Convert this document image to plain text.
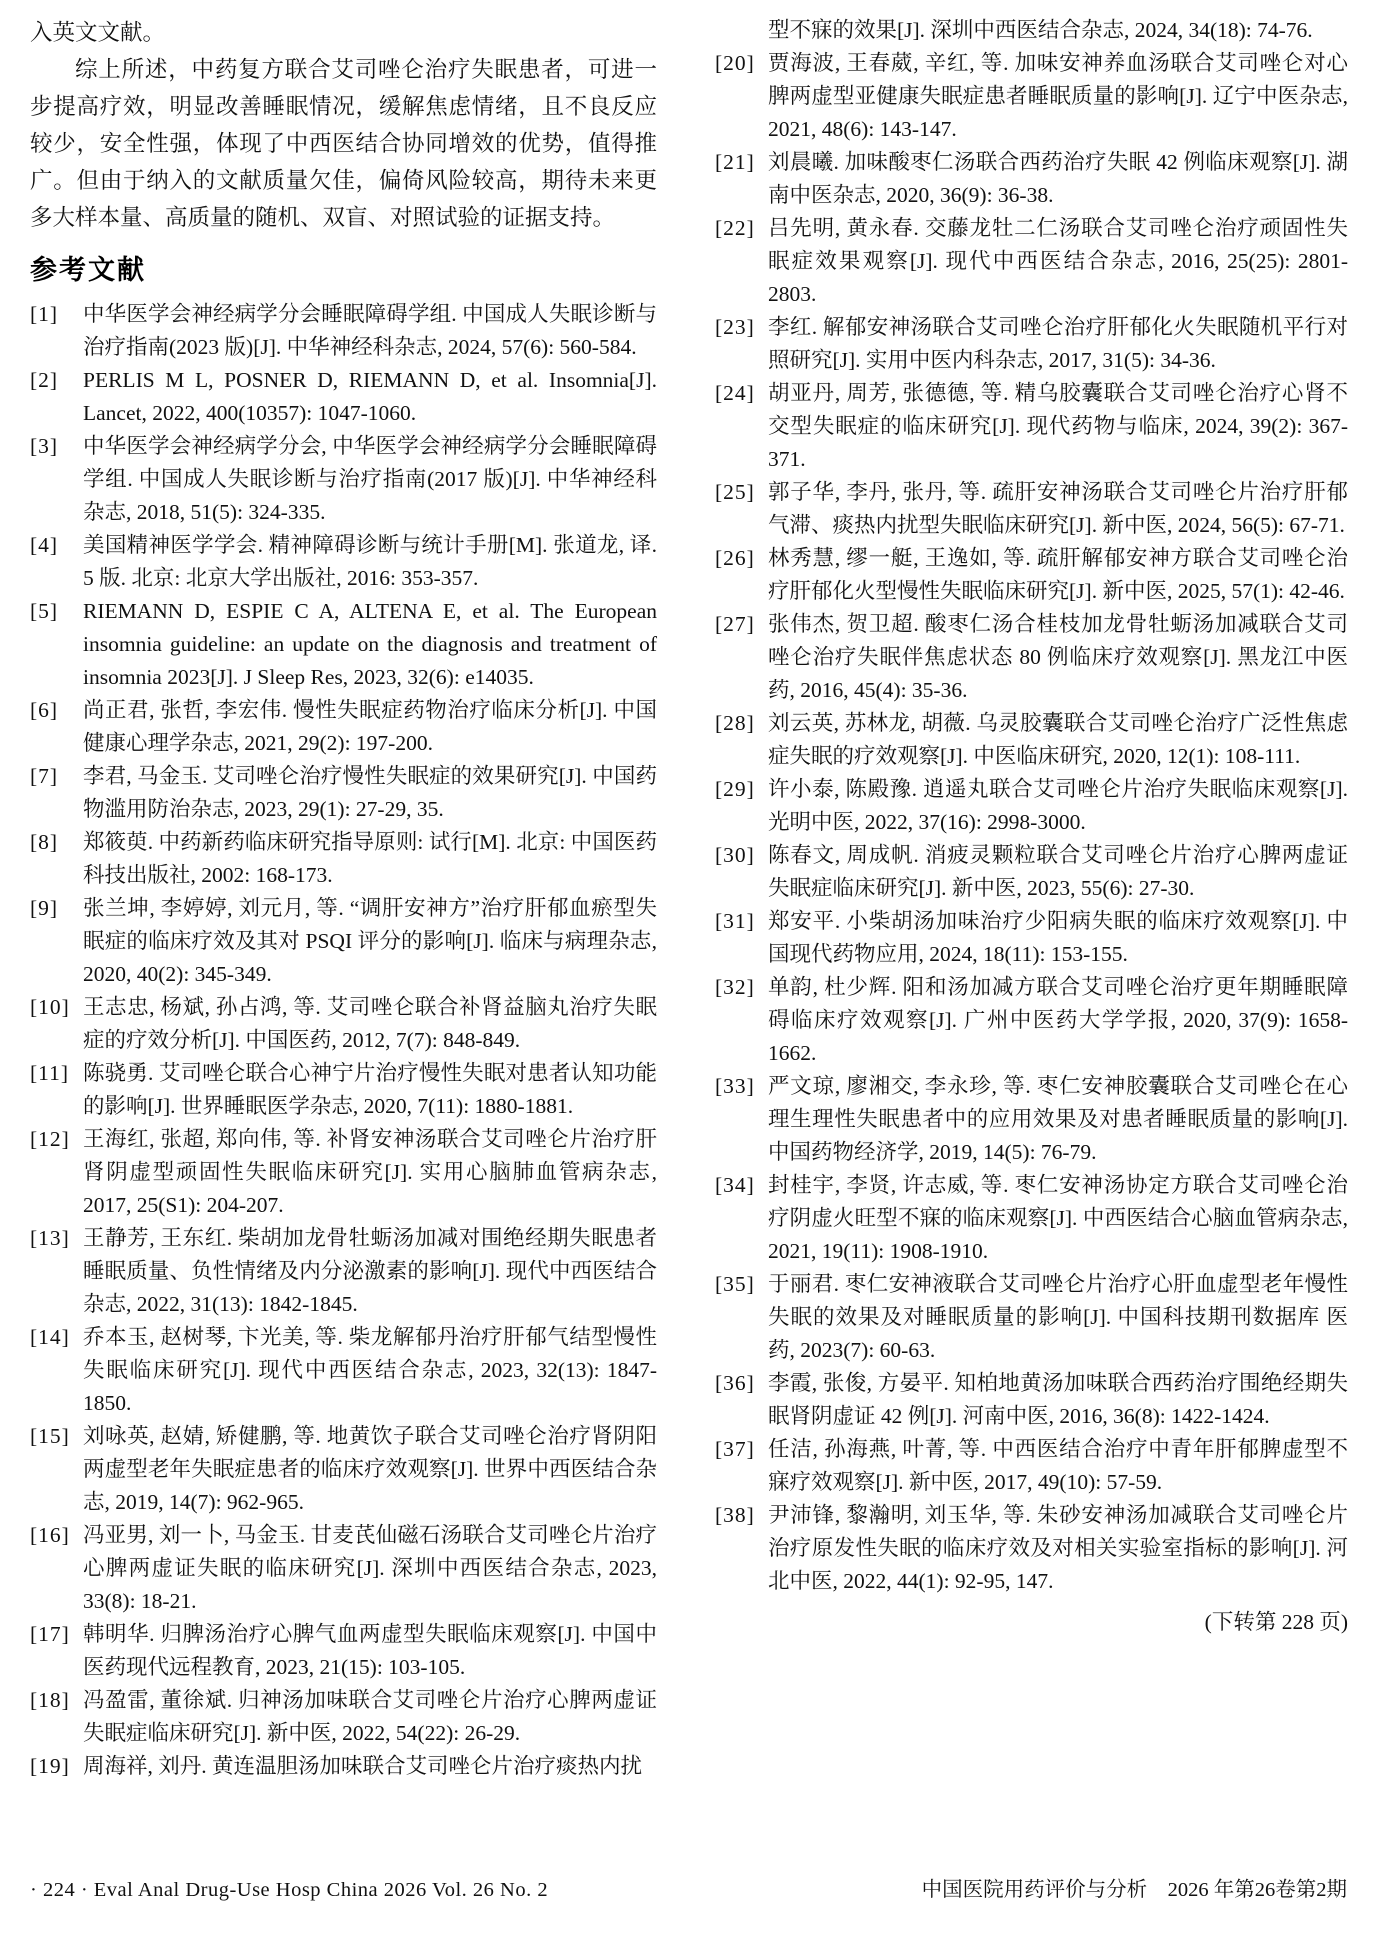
入英文文献。

综上所述，中药复方联合艾司唑仑治疗失眠患者，可进一步提高疗效，明显改善睡眠情况，缓解焦虑情绪，且不良反应较少，安全性强，体现了中西医结合协同增效的优势，值得推广。但由于纳入的文献质量欠佳，偏倚风险较高，期待未来更多大样本量、高质量的随机、双盲、对照试验的证据支持。

参考文献
[1] 中华医学会神经病学分会睡眠障碍学组. 中国成人失眠诊断与治疗指南(2023 版)[J]. 中华神经科杂志, 2024, 57(6): 560-584.
[2] PERLIS M L, POSNER D, RIEMANN D, et al. Insomnia[J]. Lancet, 2022, 400(10357): 1047-1060.
[3] 中华医学会神经病学分会, 中华医学会神经病学分会睡眠障碍学组. 中国成人失眠诊断与治疗指南(2017 版)[J]. 中华神经科杂志, 2018, 51(5): 324-335.
[4] 美国精神医学学会. 精神障碍诊断与统计手册[M]. 张道龙, 译. 5 版. 北京: 北京大学出版社, 2016: 353-357.
[5] RIEMANN D, ESPIE C A, ALTENA E, et al. The European insomnia guideline: an update on the diagnosis and treatment of insomnia 2023[J]. J Sleep Res, 2023, 32(6): e14035.
[6] 尚正君, 张哲, 李宏伟. 慢性失眠症药物治疗临床分析[J]. 中国健康心理学杂志, 2021, 29(2): 197-200.
[7] 李君, 马金玉. 艾司唑仑治疗慢性失眠症的效果研究[J]. 中国药物滥用防治杂志, 2023, 29(1): 27-29, 35.
[8] 郑筱萸. 中药新药临床研究指导原则: 试行[M]. 北京: 中国医药科技出版社, 2002: 168-173.
[9] 张兰坤, 李婷婷, 刘元月, 等. “调肝安神方”治疗肝郁血瘀型失眠症的临床疗效及其对 PSQI 评分的影响[J]. 临床与病理杂志, 2020, 40(2): 345-349.
[10] 王志忠, 杨斌, 孙占鸿, 等. 艾司唑仑联合补肾益脑丸治疗失眠症的疗效分析[J]. 中国医药, 2012, 7(7): 848-849.
[11] 陈骁勇. 艾司唑仑联合心神宁片治疗慢性失眠对患者认知功能的影响[J]. 世界睡眠医学杂志, 2020, 7(11): 1880-1881.
[12] 王海红, 张超, 郑向伟, 等. 补肾安神汤联合艾司唑仑片治疗肝肾阴虚型顽固性失眠临床研究[J]. 实用心脑肺血管病杂志, 2017, 25(S1): 204-207.
[13] 王静芳, 王东红. 柴胡加龙骨牡蛎汤加减对围绝经期失眠患者睡眠质量、负性情绪及内分泌激素的影响[J]. 现代中西医结合杂志, 2022, 31(13): 1842-1845.
[14] 乔本玉, 赵树琴, 卞光美, 等. 柴龙解郁丹治疗肝郁气结型慢性失眠临床研究[J]. 现代中西医结合杂志, 2023, 32(13): 1847-1850.
[15] 刘咏英, 赵婧, 矫健鹏, 等. 地黄饮子联合艾司唑仑治疗肾阴阳两虚型老年失眠症患者的临床疗效观察[J]. 世界中西医结合杂志, 2019, 14(7): 962-965.
[16] 冯亚男, 刘一卜, 马金玉. 甘麦芪仙磁石汤联合艾司唑仑片治疗心脾两虚证失眠的临床研究[J]. 深圳中西医结合杂志, 2023, 33(8): 18-21.
[17] 韩明华. 归脾汤治疗心脾气血两虚型失眠临床观察[J]. 中国中医药现代远程教育, 2023, 21(15): 103-105.
[18] 冯盈雷, 董徐斌. 归神汤加味联合艾司唑仑片治疗心脾两虚证失眠症临床研究[J]. 新中医, 2022, 54(22): 26-29.
[19] 周海祥, 刘丹. 黄连温胆汤加味联合艾司唑仑片治疗痰热内扰
型不寐的效果[J]. 深圳中西医结合杂志, 2024, 34(18): 74-76.
[20] 贾海波, 王春葳, 辛红, 等. 加味安神养血汤联合艾司唑仑对心脾两虚型亚健康失眠症患者睡眠质量的影响[J]. 辽宁中医杂志, 2021, 48(6): 143-147.
[21] 刘晨曦. 加味酸枣仁汤联合西药治疗失眠 42 例临床观察[J]. 湖南中医杂志, 2020, 36(9): 36-38.
[22] 吕先明, 黄永春. 交藤龙牡二仁汤联合艾司唑仑治疗顽固性失眠症效果观察[J]. 现代中西医结合杂志, 2016, 25(25): 2801-2803.
[23] 李红. 解郁安神汤联合艾司唑仑治疗肝郁化火失眠随机平行对照研究[J]. 实用中医内科杂志, 2017, 31(5): 34-36.
[24] 胡亚丹, 周芳, 张德德, 等. 精乌胶囊联合艾司唑仑治疗心肾不交型失眠症的临床研究[J]. 现代药物与临床, 2024, 39(2): 367-371.
[25] 郭子华, 李丹, 张丹, 等. 疏肝安神汤联合艾司唑仑片治疗肝郁气滞、痰热内扰型失眠临床研究[J]. 新中医, 2024, 56(5): 67-71.
[26] 林秀慧, 缪一艇, 王逸如, 等. 疏肝解郁安神方联合艾司唑仑治疗肝郁化火型慢性失眠临床研究[J]. 新中医, 2025, 57(1): 42-46.
[27] 张伟杰, 贺卫超. 酸枣仁汤合桂枝加龙骨牡蛎汤加减联合艾司唑仑治疗失眠伴焦虑状态 80 例临床疗效观察[J]. 黑龙江中医药, 2016, 45(4): 35-36.
[28] 刘云英, 苏林龙, 胡薇. 乌灵胶囊联合艾司唑仑治疗广泛性焦虑症失眠的疗效观察[J]. 中医临床研究, 2020, 12(1): 108-111.
[29] 许小泰, 陈殿豫. 逍遥丸联合艾司唑仑片治疗失眠临床观察[J]. 光明中医, 2022, 37(16): 2998-3000.
[30] 陈春文, 周成帆. 消疲灵颗粒联合艾司唑仑片治疗心脾两虚证失眠症临床研究[J]. 新中医, 2023, 55(6): 27-30.
[31] 郑安平. 小柴胡汤加味治疗少阳病失眠的临床疗效观察[J]. 中国现代药物应用, 2024, 18(11): 153-155.
[32] 单韵, 杜少辉. 阳和汤加减方联合艾司唑仑治疗更年期睡眠障碍临床疗效观察[J]. 广州中医药大学学报, 2020, 37(9): 1658-1662.
[33] 严文琼, 廖湘交, 李永珍, 等. 枣仁安神胶囊联合艾司唑仑在心理生理性失眠患者中的应用效果及对患者睡眠质量的影响[J]. 中国药物经济学, 2019, 14(5): 76-79.
[34] 封桂宇, 李贤, 许志威, 等. 枣仁安神汤协定方联合艾司唑仑治疗阴虚火旺型不寐的临床观察[J]. 中西医结合心脑血管病杂志, 2021, 19(11): 1908-1910.
[35] 于丽君. 枣仁安神液联合艾司唑仑片治疗心肝血虚型老年慢性失眠的效果及对睡眠质量的影响[J]. 中国科技期刊数据库 医药, 2023(7): 60-63.
[36] 李霞, 张俊, 方晏平. 知柏地黄汤加味联合西药治疗围绝经期失眠肾阴虚证 42 例[J]. 河南中医, 2016, 36(8): 1422-1424.
[37] 任洁, 孙海燕, 叶菁, 等. 中西医结合治疗中青年肝郁脾虚型不寐疗效观察[J]. 新中医, 2017, 49(10): 57-59.
[38] 尹沛锋, 黎瀚明, 刘玉华, 等. 朱砂安神汤加减联合艾司唑仑片治疗原发性失眠的临床疗效及对相关实验室指标的影响[J]. 河北中医, 2022, 44(1): 92-95, 147.
(下转第 228 页)
· 224 · Eval Anal Drug-Use Hosp China 2026 Vol. 26 No. 2	中国医院用药评价与分析　2026 年第26卷第2期
